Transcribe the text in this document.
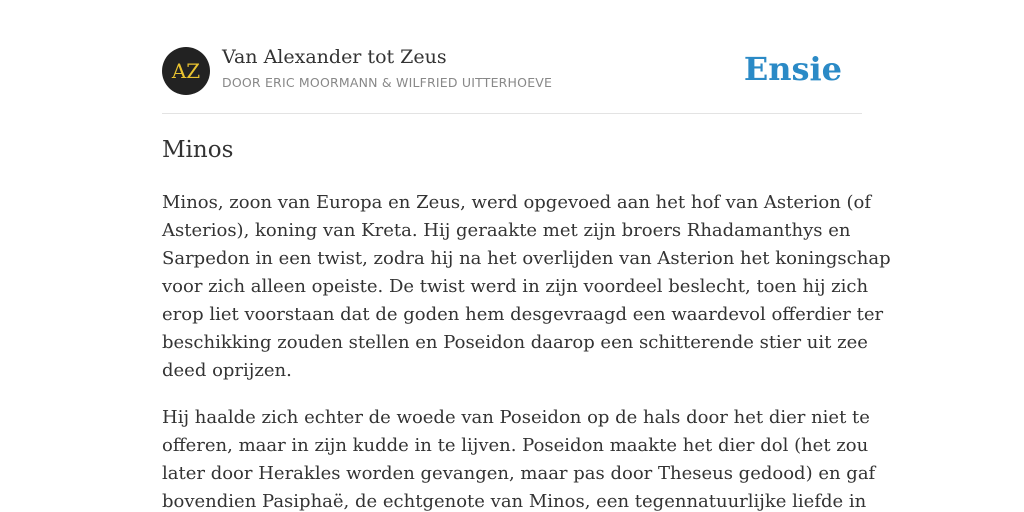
AZ
Van Alexander tot Zeus
DOOR ERIC MOORMANN & WILFRIED UITTERHOEVE	Ensie
Minos

Minos, zoon van Europa en Zeus, werd opgevoed aan het hof van Asterion (of
Asterios), koning van Kreta. Hij geraakte met zijn broers Rhadamanthys en
Sarpedon in een twist, zodra hij na het overlijden van Asterion het koningschap
voor zich alleen opeiste. De twist werd in zijn voordeel beslecht, toen hij zich
erop liet voorstaan dat de goden hem desgevraagd een waardevol offerdier ter
beschikking zouden stellen en Poseidon daarop een schitterende stier uit zee
deed oprijzen.

Hij haalde zich echter de woede van Poseidon op de hals door het dier niet te
offeren, maar in zijn kudde in te lijven. Poseidon maakte het dier dol (het zou
later door Herakles worden gevangen, maar pas door Theseus gedood) en gaf
bovendien Pasiphaë, de echtgenote van Minos, een tegennatuurlijke liefde in
